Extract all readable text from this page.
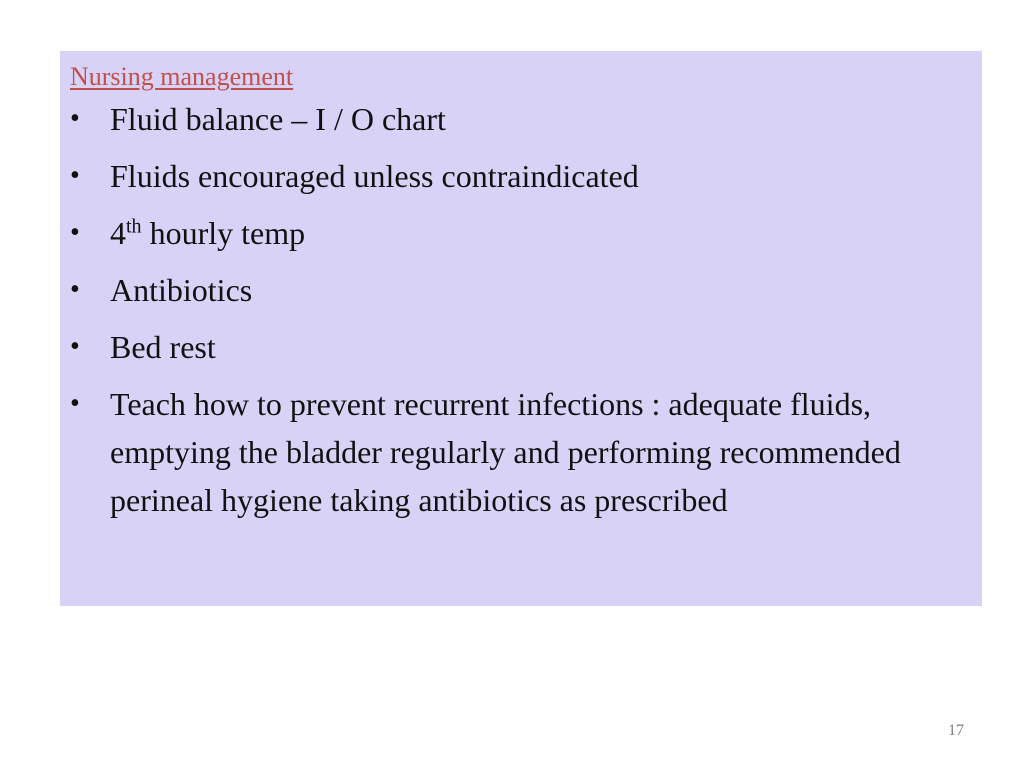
Nursing management
• Fluid balance – I / O chart
• Fluids encouraged unless contraindicated
• 4th hourly temp
• Antibiotics
• Bed rest
• Teach how to prevent recurrent infections : adequate fluids, emptying the bladder regularly and performing recommended perineal hygiene taking antibiotics as prescribed
17
